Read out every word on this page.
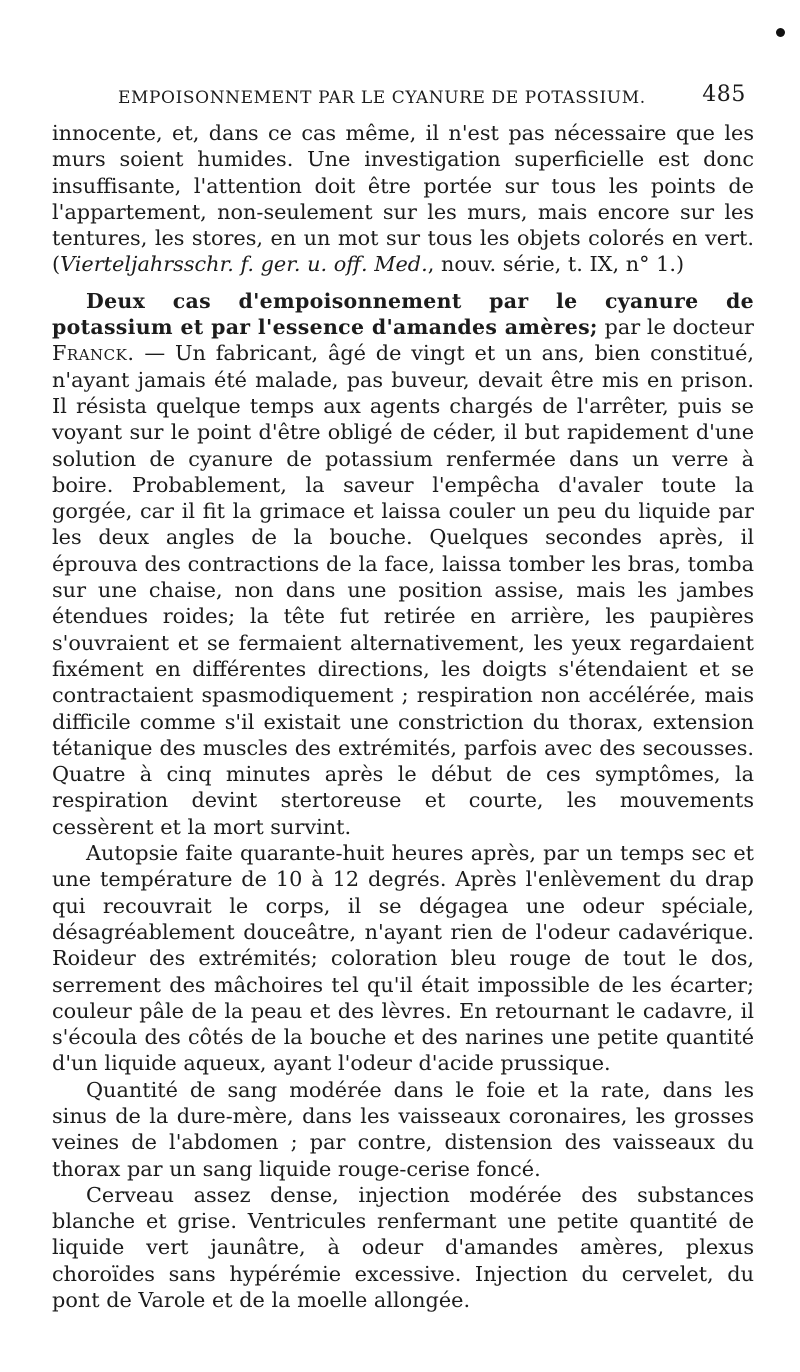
EMPOISONNEMENT PAR LE CYANURE DE POTASSIUM.	485

innocente, et, dans ce cas même, il n'est pas nécessaire que les murs soient humides. Une investigation superficielle est donc insuffisante, l'attention doit être portée sur tous les points de l'appartement, non-seulement sur les murs, mais encore sur les tentures, les stores, en un mot sur tous les objets colorés en vert. (Vierteljahrsschr. f. ger. u. off. Med., nouv. série, t. IX, n° 1.)

Deux cas d'empoisonnement par le cyanure de potassium et par l'essence d'amandes amères; par le docteur Franck. — Un fabricant, âgé de vingt et un ans, bien constitué, n'ayant jamais été malade, pas buveur, devait être mis en prison. Il résista quelque temps aux agents chargés de l'arrêter, puis se voyant sur le point d'être obligé de céder, il but rapidement d'une solution de cyanure de potassium renfermée dans un verre à boire. Probablement, la saveur l'empêcha d'avaler toute la gorgée, car il fit la grimace et laissa couler un peu du liquide par les deux angles de la bouche. Quelques secondes après, il éprouva des contractions de la face, laissa tomber les bras, tomba sur une chaise, non dans une position assise, mais les jambes étendues roides; la tête fut retirée en arrière, les paupières s'ouvraient et se fermaient alternativement, les yeux regardaient fixément en différentes directions, les doigts s'étendaient et se contractaient spasmodiquement ; respiration non accélérée, mais difficile comme s'il existait une constriction du thorax, extension tétanique des muscles des extrémités, parfois avec des secousses. Quatre à cinq minutes après le début de ces symptômes, la respiration devint stertoreuse et courte, les mouvements cessèrent et la mort survint.

Autopsie faite quarante-huit heures après, par un temps sec et une température de 10 à 12 degrés. Après l'enlèvement du drap qui recouvrait le corps, il se dégagea une odeur spéciale, désagréablement douceâtre, n'ayant rien de l'odeur cadavérique. Roideur des extrémités; coloration bleu rouge de tout le dos, serrement des mâchoires tel qu'il était impossible de les écarter; couleur pâle de la peau et des lèvres. En retournant le cadavre, il s'écoula des côtés de la bouche et des narines une petite quantité d'un liquide aqueux, ayant l'odeur d'acide prussique.

Quantité de sang modérée dans le foie et la rate, dans les sinus de la dure-mère, dans les vaisseaux coronaires, les grosses veines de l'abdomen ; par contre, distension des vaisseaux du thorax par un sang liquide rouge-cerise foncé.

Cerveau assez dense, injection modérée des substances blanche et grise. Ventricules renfermant une petite quantité de liquide vert jaunâtre, à odeur d'amandes amères, plexus choroïdes sans hypérémie excessive. Injection du cervelet, du pont de Varole et de la moelle allongée.
